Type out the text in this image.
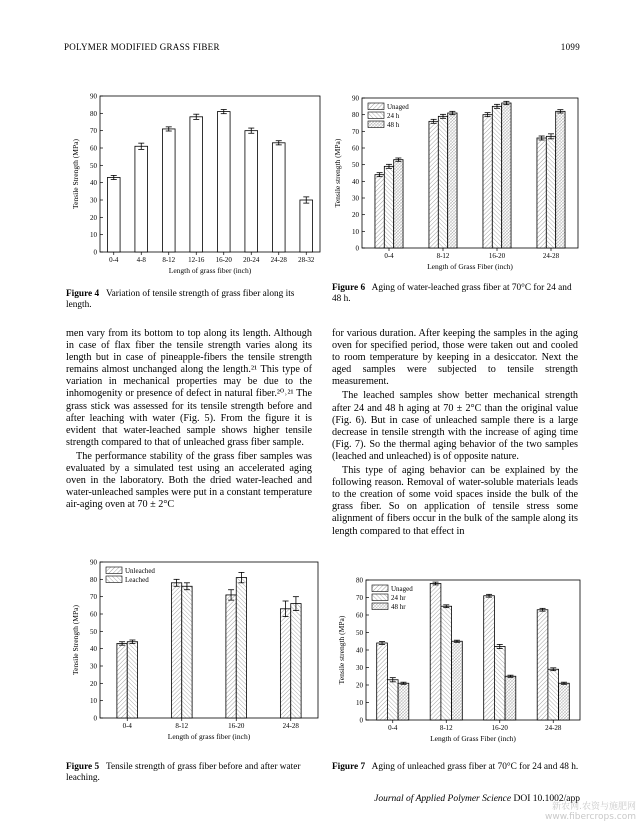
POLYMER MODIFIED GRASS FIBER	1099
0
10
20
30
40
50
60
70
80
90
Tensile Strength (MPa)
0-4	4-8 8-12 12-16 16-20 20-24 24-28 28-32
Length of grass fiber (inch)
Figure 4 Variation of tensile strength of grass fiber along its length.
0
10
20
30
40
50
60
70
80
90
Tensile strength (MPa)
0-4	8-12	16-20	24-28
Length of Grass Fiber (inch)
Unaged
24 h
48 h
Figure 6 Aging of water-leached grass fiber at 70°C for 24 and 48 h.

men vary from its bottom to top along its length. Although in case of flax fiber the tensile strength varies along its length but in case of pineapple-fibers the tensile strength remains almost unchanged along the length.²¹ This type of variation in mechanical properties may be due to the inhomogenity or presence of defect in natural fiber.²⁰˒²¹ The grass stick was assessed for its tensile strength before and after leaching with water (Fig. 5). From the figure it is evident that water-leached sample shows higher tensile strength compared to that of unleached grass fiber sample.

The performance stability of the grass fiber samples was evaluated by a simulated test using an accelerated aging oven in the laboratory. Both the dried water-leached and water-unleached samples were put in a constant temperature air-aging oven at 70 ± 2°C

for various duration. After keeping the samples in the aging oven for specified period, those were taken out and cooled to room temperature by keeping in a desiccator. Next the aged samples were subjected to tensile strength measurement.

The leached samples show better mechanical strength after 24 and 48 h aging at 70 ± 2°C than the original value (Fig. 6). But in case of unleached sample there is a large decrease in tensile strength with the increase of aging time (Fig. 7). So the thermal aging behavior of the two samples (leached and unleached) is of opposite nature.

This type of aging behavior can be explained by the following reason. Removal of water-soluble materials leads to the creation of some void spaces inside the bulk of the grass fiber. So on application of tensile stress some alignment of fibers occur in the bulk of the sample along its length compared to that effect in

0
10
20
30
40
50
60
70
80
90
Tensile Strength (MPa)
0-4	8-12	16-20	24-28
Length of grass fiber (inch)
Unleached
Leached
Figure 5 Tensile strength of grass fiber before and after water leaching.
0
10
20
30
40
50
60
70
80
Tensile strength (MPa)
0-4	8-12	16-20	24-28
Length of Grass Fiber (inch)
Unaged
24 hr
48 hr
Figure 7 Aging of unleached grass fiber at 70°C for 24 and 48 h.
Journal of Applied Polymer Science DOI 10.1002/app
新农网.农资与施肥网
www.fibercrops.com
